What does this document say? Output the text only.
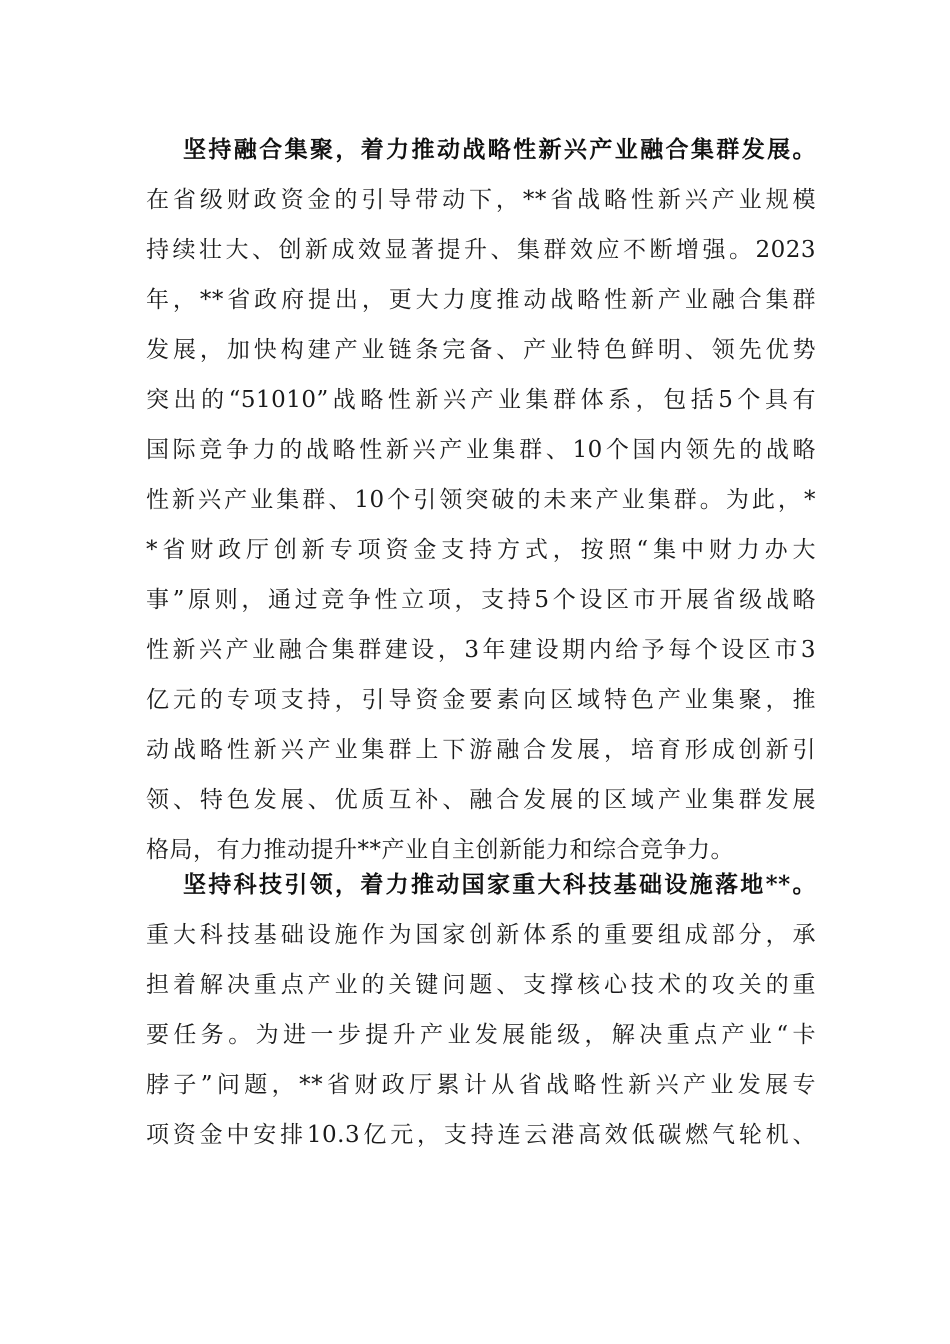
坚持融合集聚，着力推动战略性新兴产业融合集群发展。
在省级财政资金的引导带动下，**省战略性新兴产业规模
持续壮大、创新成效显著提升、集群效应不断增强。2023
年，**省政府提出，更大力度推动战略性新产业融合集群
发展，加快构建产业链条完备、产业特色鲜明、领先优势
突出的“51010”战略性新兴产业集群体系，包括5个具有
国际竞争力的战略性新兴产业集群、10个国内领先的战略
性新兴产业集群、10个引领突破的未来产业集群。为此，*
*省财政厅创新专项资金支持方式，按照“集中财力办大
事”原则，通过竞争性立项，支持5个设区市开展省级战略
性新兴产业融合集群建设，3年建设期内给予每个设区市3
亿元的专项支持，引导资金要素向区域特色产业集聚，推
动战略性新兴产业集群上下游融合发展，培育形成创新引
领、特色发展、优质互补、融合发展的区域产业集群发展
格局，有力推动提升**产业自主创新能力和综合竞争力。
坚持科技引领，着力推动国家重大科技基础设施落地**。
重大科技基础设施作为国家创新体系的重要组成部分，承
担着解决重点产业的关键问题、支撑核心技术的攻关的重
要任务。为进一步提升产业发展能级，解决重点产业“卡
脖子”问题，**省财政厅累计从省战略性新兴产业发展专
项资金中安排10.3亿元，支持连云港高效低碳燃气轮机、
